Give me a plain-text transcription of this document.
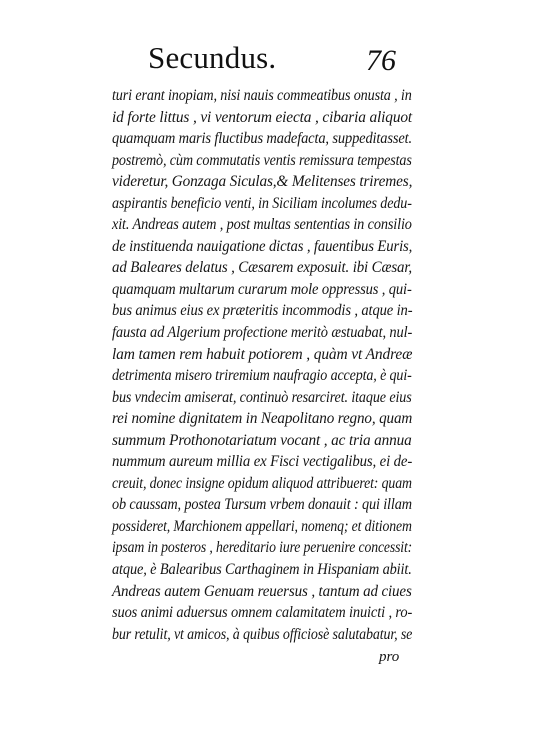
Secundus.	76
turi erant inopiam, nisi nauis commeatibus onusta , in
id forte littus , vi ventorum eiecta , cibaria aliquot
quamquam maris fluctibus madefacta, suppeditasset.
postremò, cùm commutatis ventis remissura tempestas
videretur, Gonzaga Siculas,& Melitenses triremes,
aspirantis beneficio venti, in Siciliam incolumes dedu-
xit. Andreas autem , post multas sententias in consilio
de instituenda nauigatione dictas , fauentibus Euris,
ad Baleares delatus , Cæsarem exposuit. ibi Cæsar,
quamquam multarum curarum mole oppressus , qui-
bus animus eius ex præteritis incommodis , atque in-
fausta ad Algerium profectione meritò æstuabat, nul-
lam tamen rem habuit potiorem , quàm vt Andreæ
detrimenta misero triremium naufragio accepta, è qui-
bus vndecim amiserat, continuò resarciret. itaque eius
rei nomine dignitatem in Neapolitano regno, quam
summum Prothonotariatum vocant , ac tria annua
nummum aureum millia ex Fisci vectigalibus, ei de-
creuit, donec insigne opidum aliquod attribueret: quam
ob caussam, postea Tursum vrbem donauit : qui illam
possideret, Marchionem appellari, nomenq; et ditionem
ipsam in posteros , hereditario iure peruenire concessit:
atque, è Balearibus Carthaginem in Hispaniam abiit.
Andreas autem Genuam reuersus , tantum ad ciues
suos animi aduersus omnem calamitatem inuicti , ro-
bur retulit, vt amicos, à quibus officiosè salutabatur, se
pro
